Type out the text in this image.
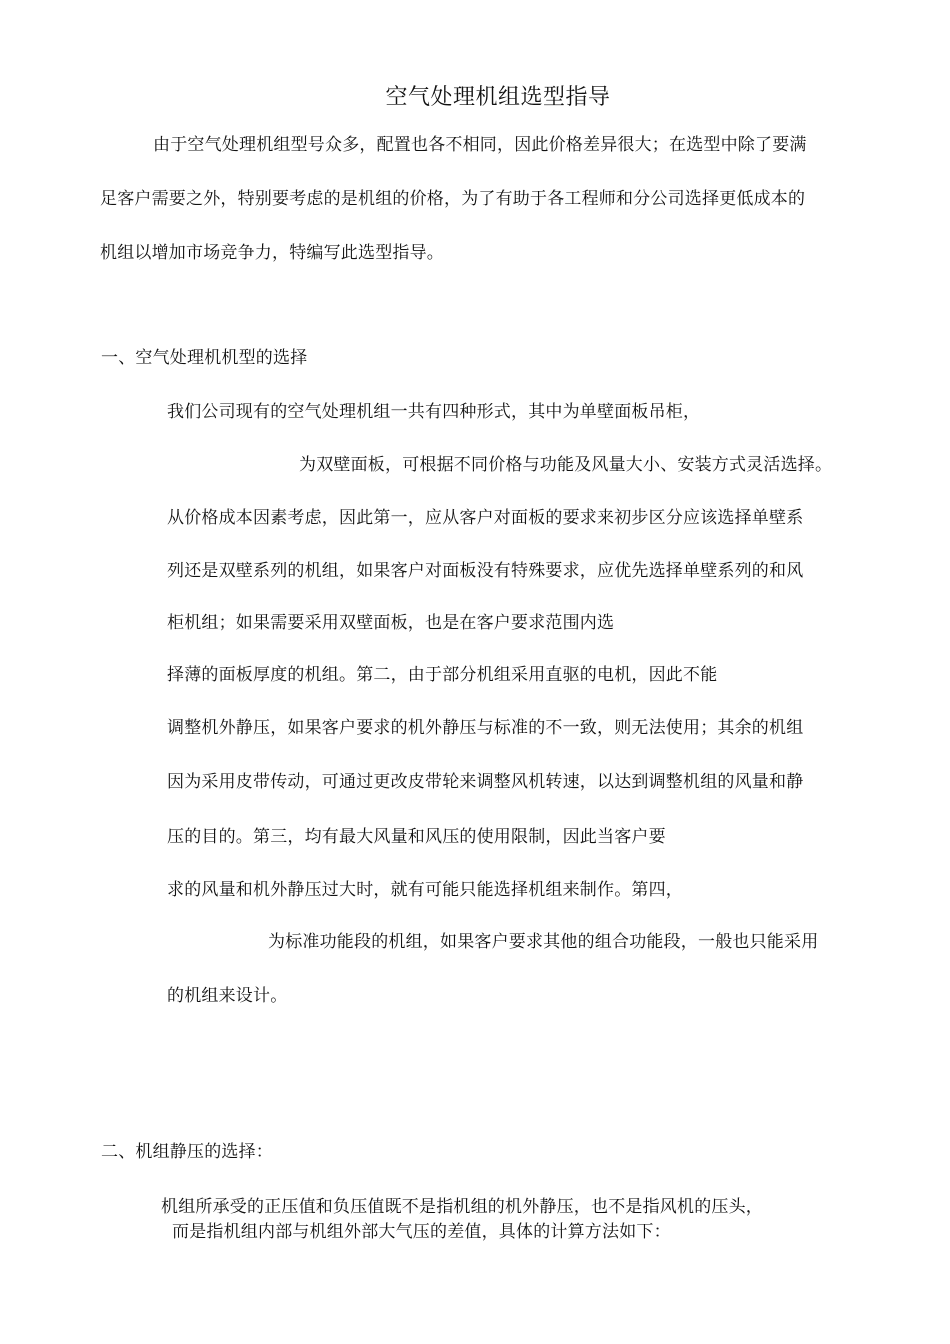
空气处理机组选型指导
由于空气处理机组型号众多，配置也各不相同，因此价格差异很大；在选型中除了要满
足客户需要之外，特别要考虑的是机组的价格，为了有助于各工程师和分公司选择更低成本的
机组以增加市场竞争力，特编写此选型指导。
一、空气处理机机型的选择
我们公司现有的空气处理机组一共有四种形式，其中为单壁面板吊柜，
为双壁面板，可根据不同价格与功能及风量大小、安装方式灵活选择。
从价格成本因素考虑，因此第一，应从客户对面板的要求来初步区分应该选择单壁系
列还是双壁系列的机组，如果客户对面板没有特殊要求，应优先选择单壁系列的和风
柜机组；如果需要采用双壁面板，也是在客户要求范围内选
择薄的面板厚度的机组。第二，由于部分机组采用直驱的电机，因此不能
调整机外静压，如果客户要求的机外静压与标准的不一致，则无法使用；其余的机组
因为采用皮带传动，可通过更改皮带轮来调整风机转速，以达到调整机组的风量和静
压的目的。第三，均有最大风量和风压的使用限制，因此当客户要
求的风量和机外静压过大时，就有可能只能选择机组来制作。第四，
为标准功能段的机组，如果客户要求其他的组合功能段，一般也只能采用
的机组来设计。
二、机组静压的选择：
机组所承受的正压值和负压值既不是指机组的机外静压，也不是指风机的压头，
而是指机组内部与机组外部大气压的差值，具体的计算方法如下：
